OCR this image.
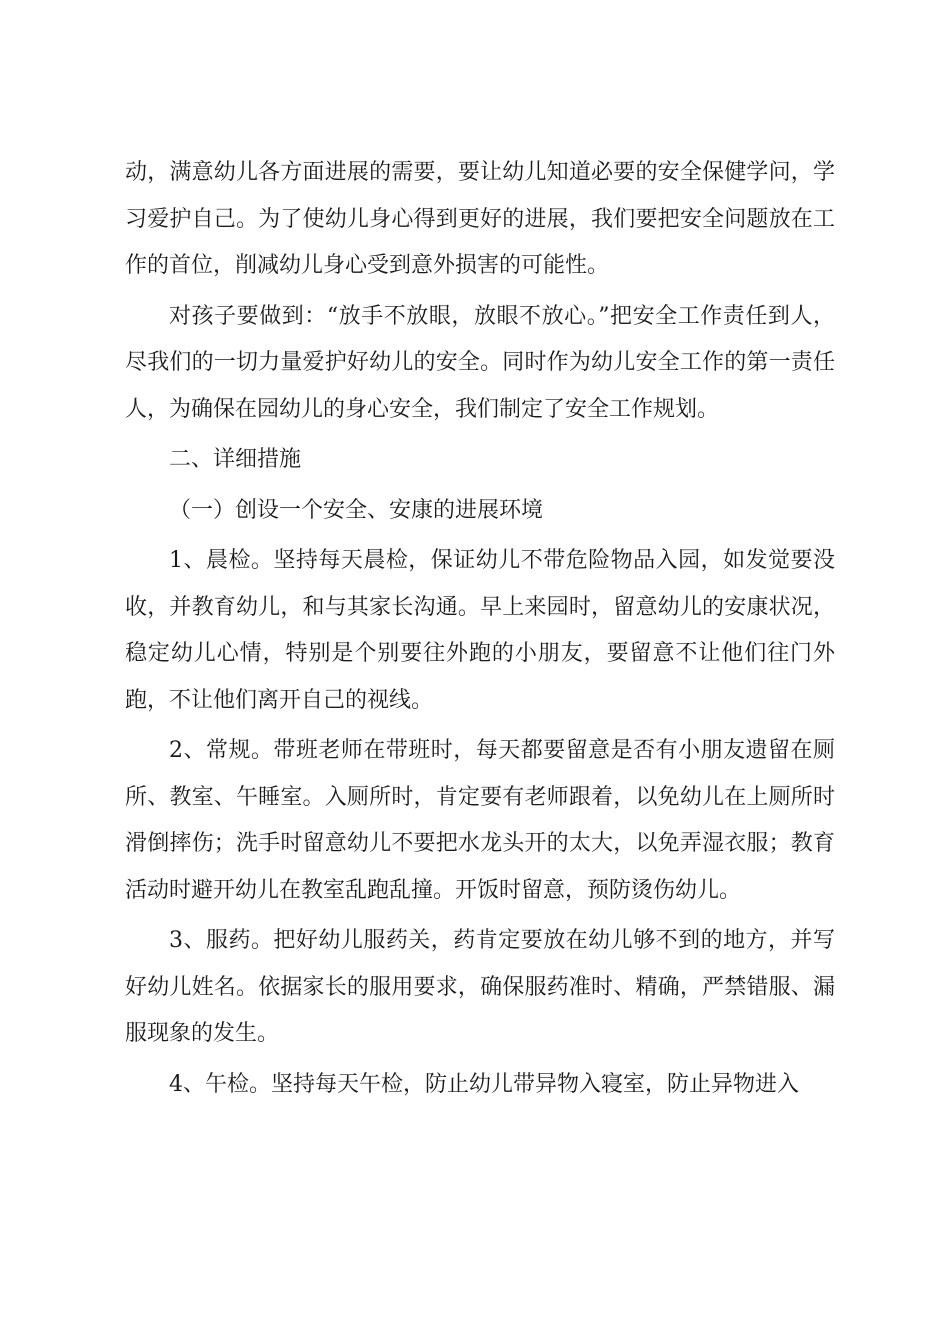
动，满意幼儿各方面进展的需要，要让幼儿知道必要的安全保健学问，学习爱护自己。为了使幼儿身心得到更好的进展，我们要把安全问题放在工作的首位，削减幼儿身心受到意外损害的可能性。

对孩子要做到：“放手不放眼，放眼不放心。”把安全工作责任到人，尽我们的一切力量爱护好幼儿的安全。同时作为幼儿安全工作的第一责任人，为确保在园幼儿的身心安全，我们制定了安全工作规划。

二、详细措施

（一）创设一个安全、安康的进展环境

1、晨检。坚持每天晨检，保证幼儿不带危险物品入园，如发觉要没收，并教育幼儿，和与其家长沟通。早上来园时，留意幼儿的安康状况，稳定幼儿心情，特别是个别要往外跑的小朋友，要留意不让他们往门外跑，不让他们离开自己的视线。

2、常规。带班老师在带班时，每天都要留意是否有小朋友遗留在厕所、教室、午睡室。入厕所时，肯定要有老师跟着，以免幼儿在上厕所时滑倒摔伤；洗手时留意幼儿不要把水龙头开的太大，以免弄湿衣服；教育活动时避开幼儿在教室乱跑乱撞。开饭时留意，预防烫伤幼儿。

3、服药。把好幼儿服药关，药肯定要放在幼儿够不到的地方，并写好幼儿姓名。依据家长的服用要求，确保服药准时、精确，严禁错服、漏服现象的发生。

4、午检。坚持每天午检，防止幼儿带异物入寝室，防止异物进入
